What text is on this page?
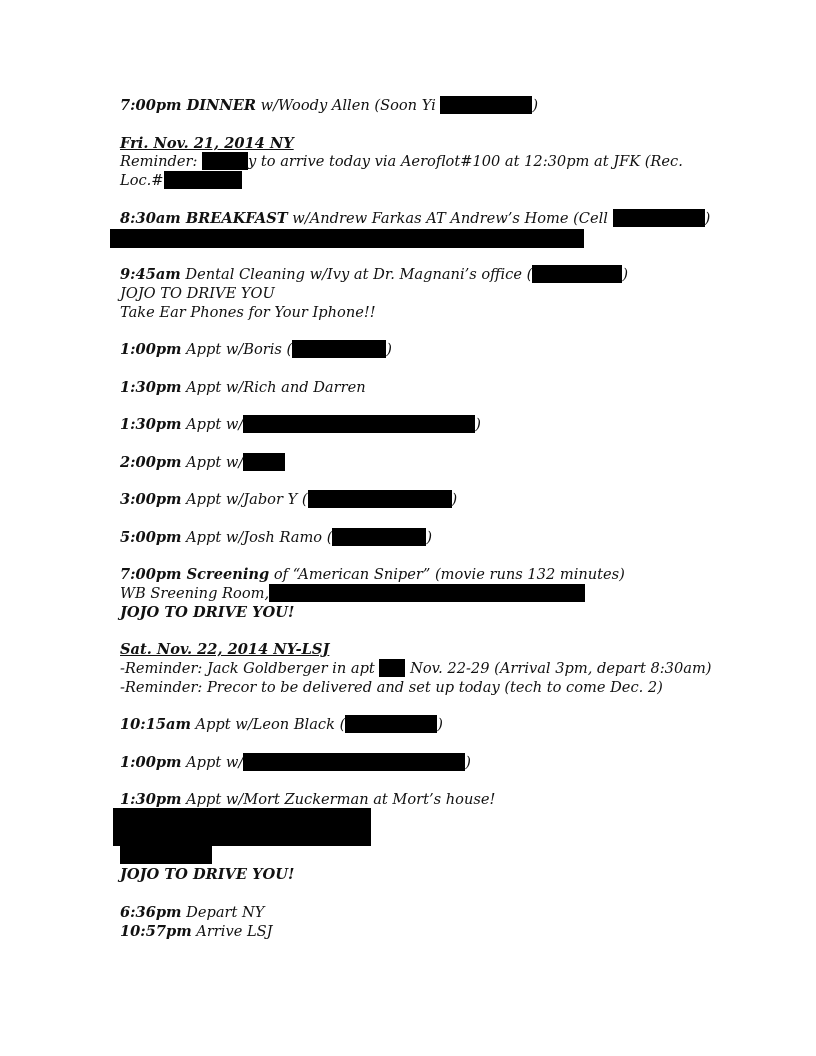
7:00pm DINNER w/Woody Allen (Soon Yi	)
Fri. Nov. 21, 2014 NY
Reminder:	y to arrive today via Aeroflot#100 at 12:30pm at JFK (Rec.
Loc.#
8:30am BREAKFAST w/Andrew Farkas AT Andrew’s Home (Cell	)
9:45am Dental Cleaning w/Ivy at Dr. Magnani’s office (	)
JOJO TO DRIVE YOU
Take Ear Phones for Your Iphone!!
1:00pm Appt w/Boris (	)
1:30pm Appt w/Rich and Darren
1:30pm Appt w/	)
2:00pm Appt w/
3:00pm Appt w/Jabor Y (	)
5:00pm Appt w/Josh Ramo (	)
7:00pm Screening of “American Sniper” (movie runs 132 minutes)
WB Sreening Room,
JOJO TO DRIVE YOU!
Sat. Nov. 22, 2014 NY-LSJ
-Reminder: Jack Goldberger in apt  Nov. 22-29 (Arrival 3pm, depart 8:30am)
-Reminder: Precor to be delivered and set up today (tech to come Dec. 2)
10:15am Appt w/Leon Black (	)
1:00pm Appt w/	)
1:30pm Appt w/Mort Zuckerman at Mort’s house!
JOJO TO DRIVE YOU!
6:36pm Depart NY
10:57pm Arrive LSJ
